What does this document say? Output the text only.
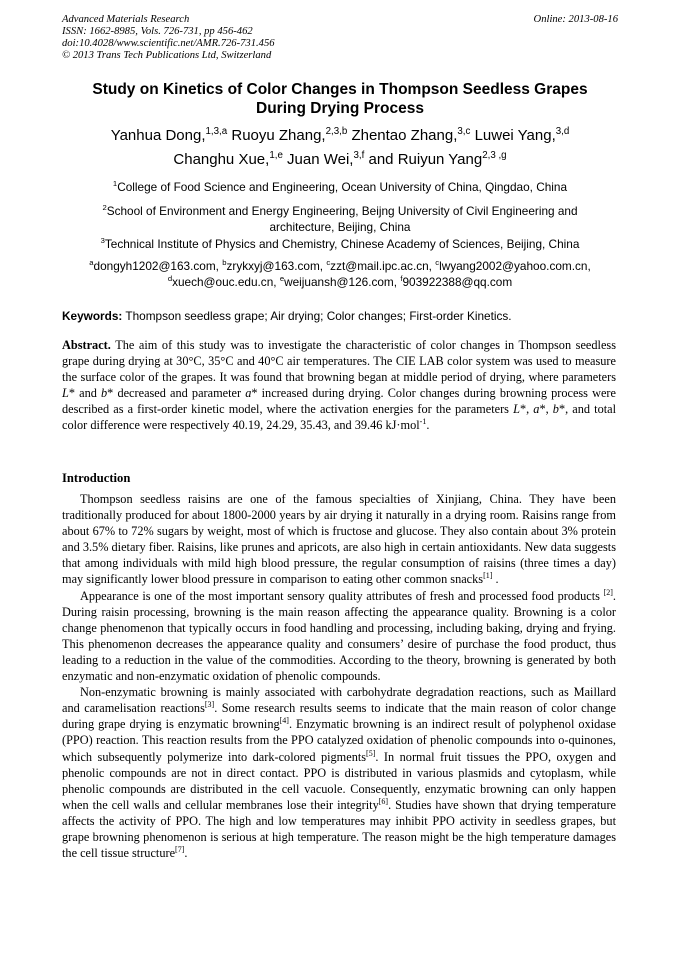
Advanced Materials Research	Online: 2013-08-16
ISSN: 1662-8985, Vols. 726-731, pp 456-462
doi:10.4028/www.scientific.net/AMR.726-731.456
© 2013 Trans Tech Publications Ltd, Switzerland
Study on Kinetics of Color Changes in Thompson Seedless Grapes
During Drying Process
Yanhua Dong,$^{1,3,a}$ Ruoyu Zhang,$^{2,3,b}$ Zhentao Zhang,$^{3,c}$ Luwei Yang,$^{3,d}$
Changhu Xue,$^{1,e}$ Juan Wei,$^{3,f}$ and Ruiyun Yang$^{2,3 ,g}$
$^1$College of Food Science and Engineering, Ocean University of China, Qingdao, China
$^2$School of Environment and Energy Engineering, Beijng University of Civil Engineering and architecture, Beijing, China
$^3$Technical Institute of Physics and Chemistry, Chinese Academy of Sciences, Beijing, China
$^a$dongyh1202@163.com, $^b$zrykxyj@163.com, $^c$zzt@mail.ipc.ac.cn, $^c$lwyang2002@yahoo.com.cn,
$^d$xuech@ouc.edu.cn, $^e$weijuansh@126.com, $^f$903922388@qq.com
Keywords: Thompson seedless grape; Air drying; Color changes; First-order Kinetics.
Abstract. The aim of this study was to investigate the characteristic of color changes in Thompson seedless grape during drying at 30°C, 35°C and 40°C air temperatures. The CIE LAB color system was used to measure the surface color of the grapes. It was found that browning began at middle period of drying, where parameters L* and b* decreased and parameter a* increased during drying. Color changes during browning process were described as a first-order kinetic model, where the activation energies for the parameters L*, a*, b*, and total color difference were respectively 40.19, 24.29, 35.43, and 39.46 kJ·mol$^{-1}$.
Introduction

Thompson seedless raisins are one of the famous specialties of Xinjiang, China. They have been traditionally produced for about 1800-2000 years by air drying it naturally in a drying room. Raisins range from about 67% to 72% sugars by weight, most of which is fructose and glucose. They also contain about 3% protein and 3.5% dietary fiber. Raisins, like prunes and apricots, are also high in certain antioxidants. New data suggests that among individuals with mild high blood pressure, the regular consumption of raisins (three times a day) may significantly lower blood pressure in comparison to eating other common snacks[1] .

Appearance is one of the most important sensory quality attributes of fresh and processed food products [2]. During raisin processing, browning is the main reason affecting the appearance quality. Browning is a color change phenomenon that typically occurs in food handling and processing, including baking, drying and frying. This phenomenon decreases the appearance quality and consumers’ desire of purchase the food product, thus leading to a reduction in the value of the commodities. According to the theory, browning is generated by both enzymatic and non-enzymatic oxidation of phenolic compounds.

Non-enzymatic browning is mainly associated with carbohydrate degradation reactions, such as Maillard and caramelisation reactions[3]. Some research results seems to indicate that the main reason of color change during grape drying is enzymatic browning[4]. Enzymatic browning is an indirect result of polyphenol oxidase (PPO) reaction. This reaction results from the PPO catalyzed oxidation of phenolic compounds into o-quinones, which subsequently polymerize into dark-colored pigments[5]. In normal fruit tissues the PPO, oxygen and phenolic compounds are not in direct contact. PPO is distributed in various plasmids and cytoplasm, while phenolic compounds are distributed in the cell vacuole. Consequently, enzymatic browning can only happen when the cell walls and cellular membranes lose their integrity[6]. Studies have shown that drying temperature affects the activity of PPO. The high and low temperatures may inhibit PPO activity in seedless grapes, but grape browning phenomenon is serious at high temperature. The reason might be the high temperature damages the cell tissue structure[7].
